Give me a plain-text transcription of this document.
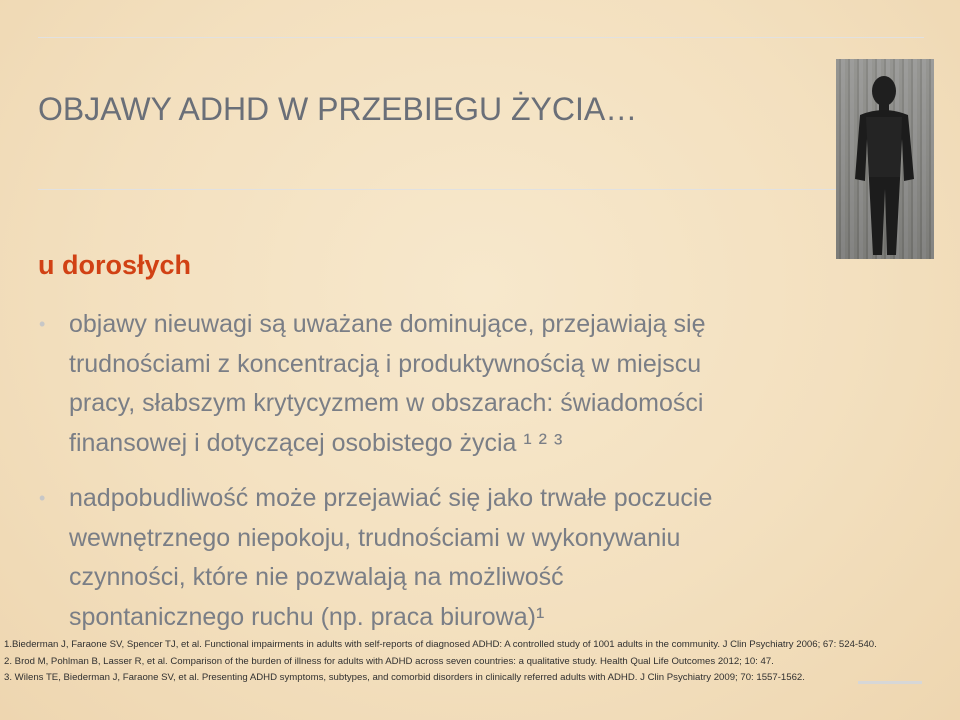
OBJAWY ADHD W PRZEBIEGU ŻYCIA…
u dorosłych
• objawy nieuwagi są uważane dominujące, przejawiają się
trudnościami z koncentracją i produktywnością w miejscu
pracy, słabszym krytycyzmem w obszarach: świadomości
finansowej i dotyczącej osobistego życia ¹ ² ³
• nadpobudliwość może przejawiać się jako trwałe poczucie
wewnętrznego niepokoju, trudnościami w wykonywaniu
czynności, które nie pozwalają na możliwość
spontanicznego ruchu (np. praca biurowa)¹
1.Biederman J, Faraone SV, Spencer TJ, et al. Functional impairments in adults with self-reports of diagnosed ADHD: A controlled study of 1001 adults in the community. J Clin Psychiatry 2006; 67: 524-540.
2. Brod M, Pohlman B, Lasser R, et al. Comparison of the burden of illness for adults with ADHD across seven countries: a qualitative study. Health Qual Life Outcomes 2012; 10: 47.
3. Wilens TE, Biederman J, Faraone SV, et al. Presenting ADHD symptoms, subtypes, and comorbid disorders in clinically referred adults with ADHD. J Clin Psychiatry 2009; 70: 1557-1562.
